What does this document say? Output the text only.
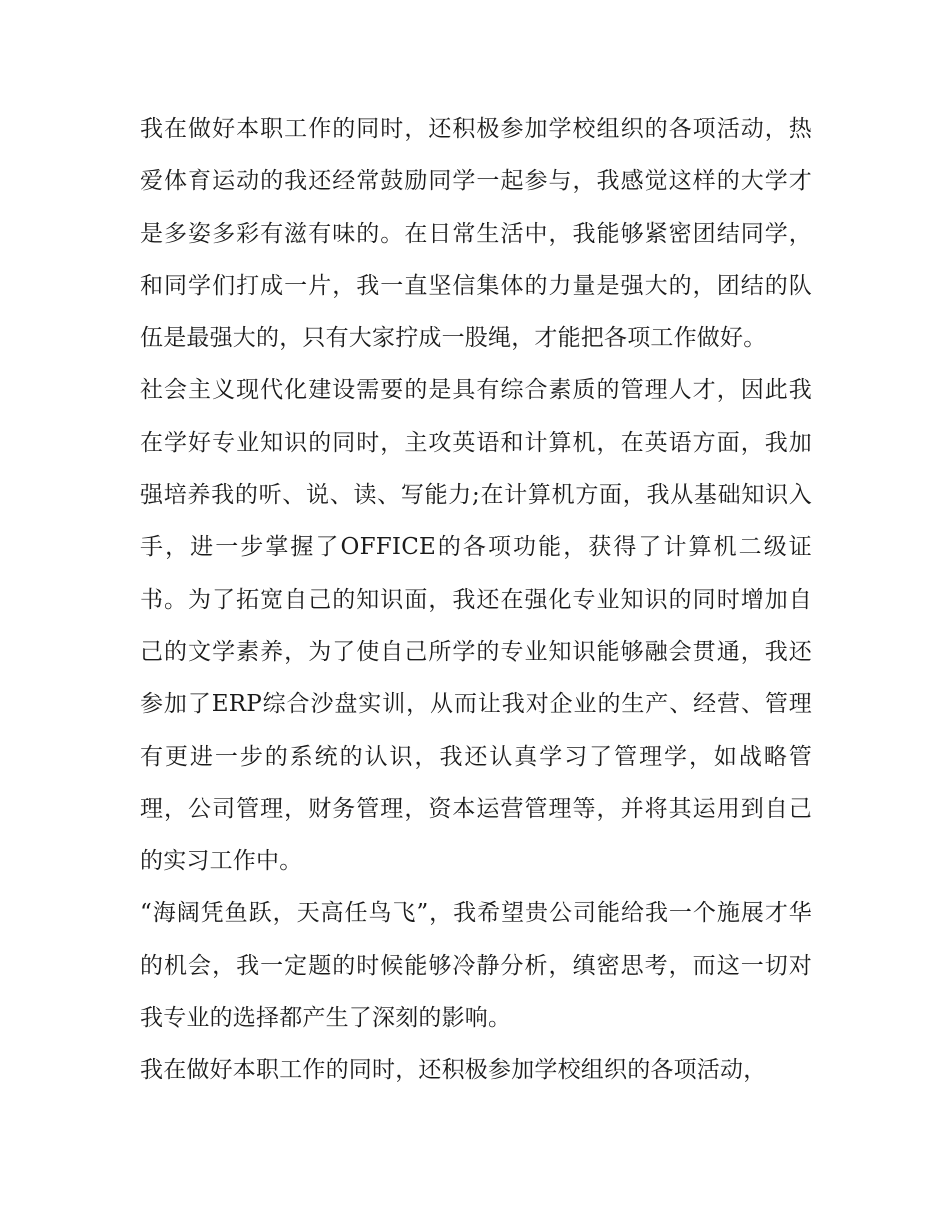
我在做好本职工作的同时，还积极参加学校组织的各项活动，热爱体育运动的我还经常鼓励同学一起参与，我感觉这样的大学才是多姿多彩有滋有味的。在日常生活中，我能够紧密团结同学，和同学们打成一片，我一直坚信集体的力量是强大的，团结的队伍是最强大的，只有大家拧成一股绳，才能把各项工作做好。

社会主义现代化建设需要的是具有综合素质的管理人才，因此我在学好专业知识的同时，主攻英语和计算机，在英语方面，我加强培养我的听、说、读、写能力;在计算机方面，我从基础知识入手，进一步掌握了OFFICE的各项功能，获得了计算机二级证书。为了拓宽自己的知识面，我还在强化专业知识的同时增加自己的文学素养，为了使自己所学的专业知识能够融会贯通，我还参加了ERP综合沙盘实训，从而让我对企业的生产、经营、管理有更进一步的系统的认识，我还认真学习了管理学，如战略管理，公司管理，财务管理，资本运营管理等，并将其运用到自己的实习工作中。

“海阔凭鱼跃，天高任鸟飞”，我希望贵公司能给我一个施展才华的机会，我一定题的时候能够冷静分析，缜密思考，而这一切对我专业的选择都产生了深刻的影响。

我在做好本职工作的同时，还积极参加学校组织的各项活动，
